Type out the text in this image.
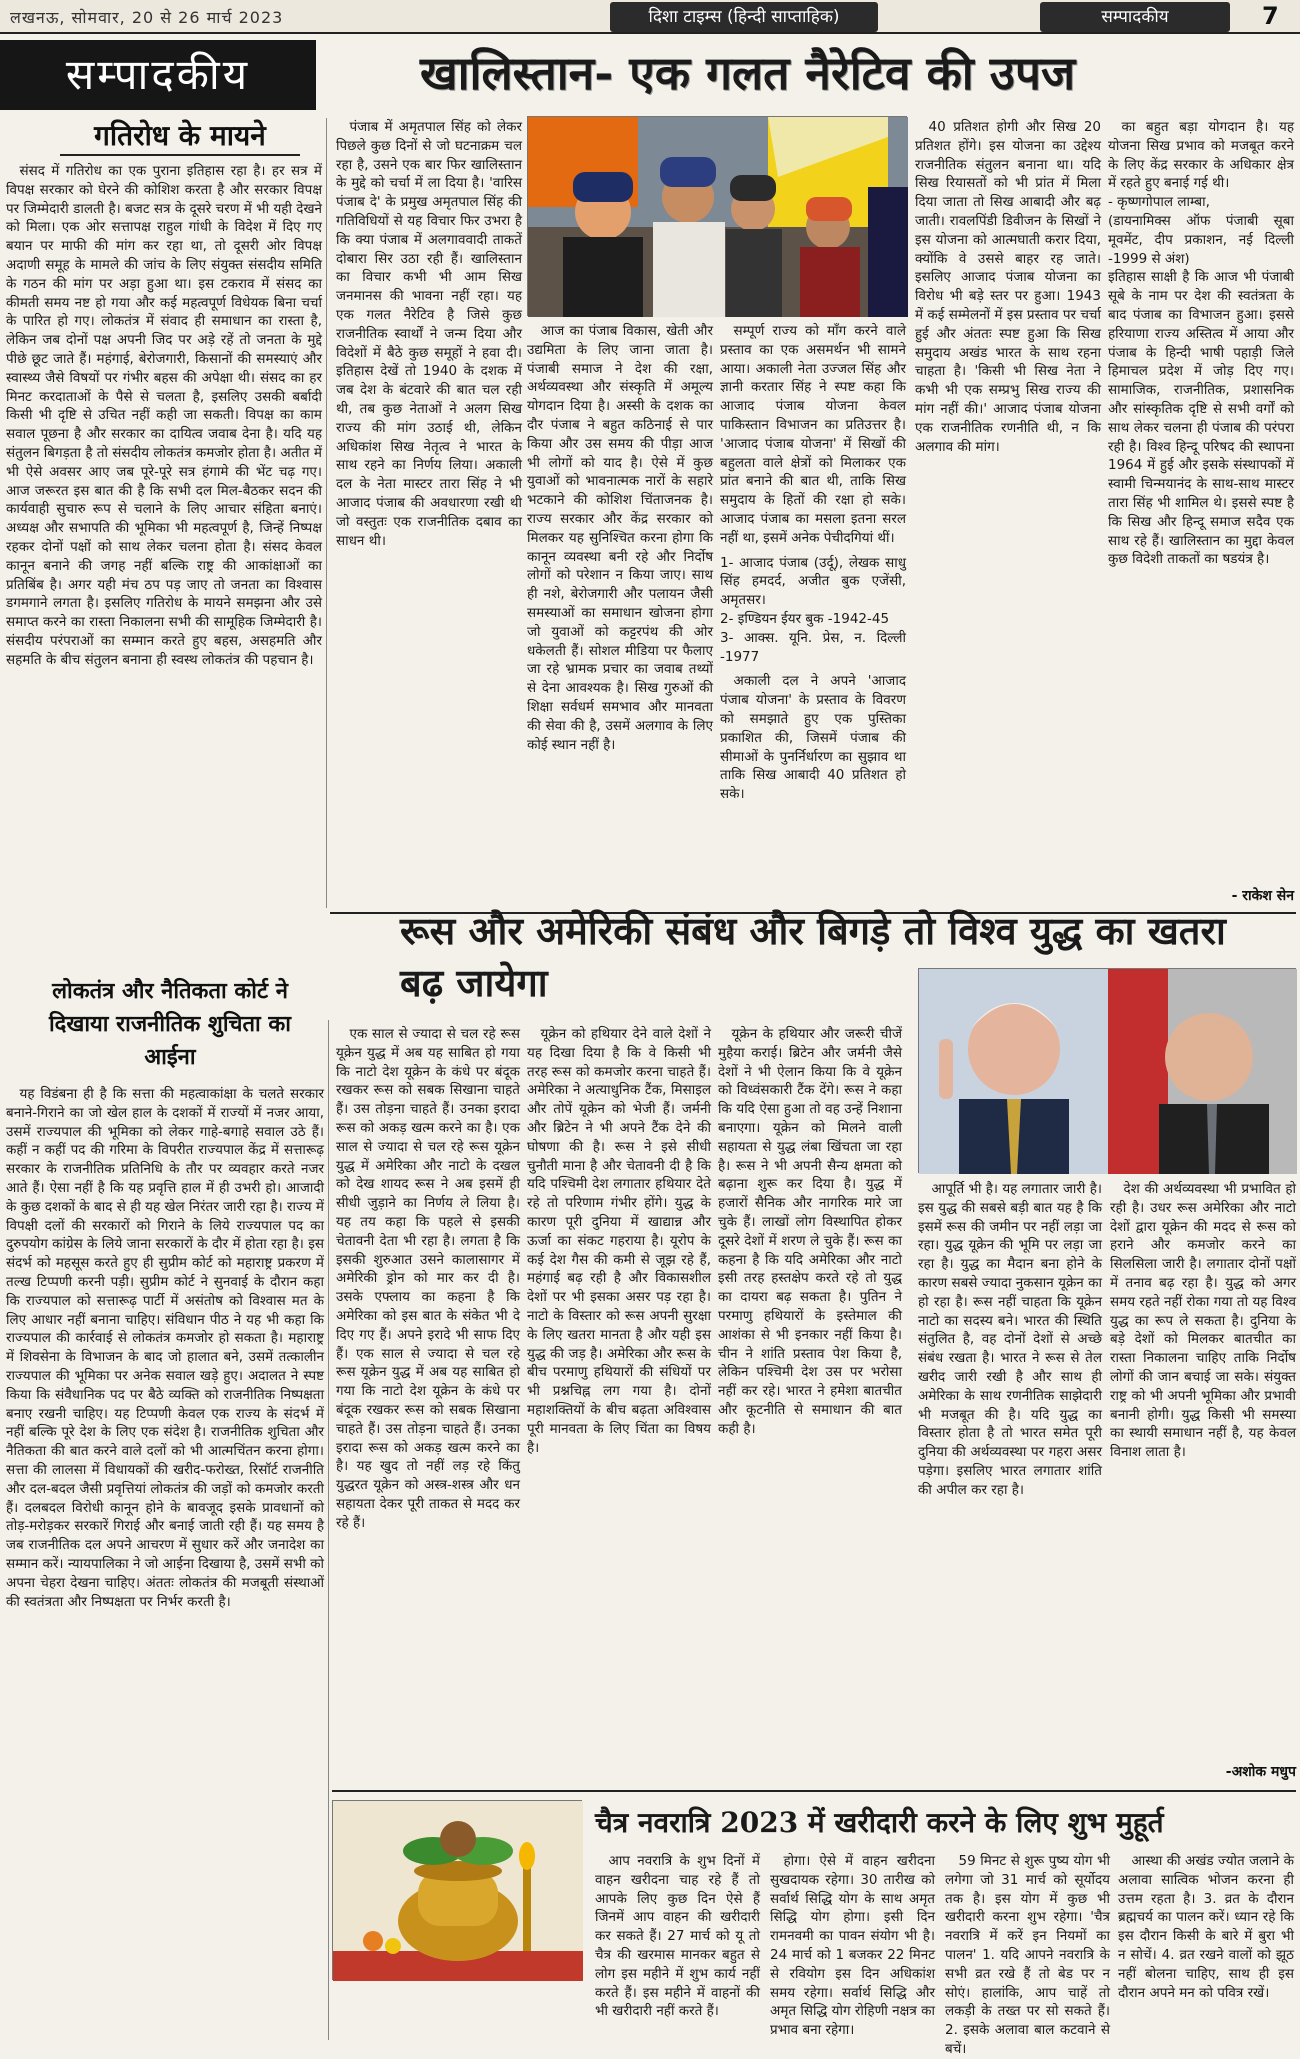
लखनऊ, सोमवार, 20 से 26 मार्च 2023	दिशा टाइम्स (हिन्दी साप्ताहिक)	सम्पादकीय	7
सम्पादकीय	खालिस्तान- एक गलत नैरेटिव की उपज
गतिरोध के मायने

संसद में गतिरोध का एक पुराना इतिहास रहा है। हर सत्र में विपक्ष सरकार को घेरने की कोशिश करता है और सरकार विपक्ष पर जिम्मेदारी डालती है। बजट सत्र के दूसरे चरण में भी यही देखने को मिला। एक ओर सत्तापक्ष राहुल गांधी के विदेश में दिए गए बयान पर माफी की मांग कर रहा था, तो दूसरी ओर विपक्ष अदाणी समूह के मामले की जांच के लिए संयुक्त संसदीय समिति के गठन की मांग पर अड़ा हुआ था। इस टकराव में संसद का कीमती समय नष्ट हो गया और कई महत्वपूर्ण विधेयक बिना चर्चा के पारित हो गए। लोकतंत्र में संवाद ही समाधान का रास्ता है, लेकिन जब दोनों पक्ष अपनी जिद पर अड़े रहें तो जनता के मुद्दे पीछे छूट जाते हैं। महंगाई, बेरोजगारी, किसानों की समस्याएं और स्वास्थ्य जैसे विषयों पर गंभीर बहस की अपेक्षा थी। संसद का हर मिनट करदाताओं के पैसे से चलता है, इसलिए उसकी बर्बादी किसी भी दृष्टि से उचित नहीं कही जा सकती। विपक्ष का काम सवाल पूछना है और सरकार का दायित्व जवाब देना है। यदि यह संतुलन बिगड़ता है तो संसदीय लोकतंत्र कमजोर होता है। अतीत में भी ऐसे अवसर आए जब पूरे-पूरे सत्र हंगामे की भेंट चढ़ गए। आज जरूरत इस बात की है कि सभी दल मिल-बैठकर सदन की कार्यवाही सुचारु रूप से चलाने के लिए आचार संहिता बनाएं। अध्यक्ष और सभापति की भूमिका भी महत्वपूर्ण है, जिन्हें निष्पक्ष रहकर दोनों पक्षों को साथ लेकर चलना होता है। संसद केवल कानून बनाने की जगह नहीं बल्कि राष्ट्र की आकांक्षाओं का प्रतिबिंब है। अगर यही मंच ठप पड़ जाए तो जनता का विश्वास डगमगाने लगता है। इसलिए गतिरोध के मायने समझना और उसे समाप्त करने का रास्ता निकालना सभी की सामूहिक जिम्मेदारी है। संसदीय परंपराओं का सम्मान करते हुए बहस, असहमति और सहमति के बीच संतुलन बनाना ही स्वस्थ लोकतंत्र की पहचान है।

पंजाब में अमृतपाल सिंह को लेकर पिछले कुछ दिनों से जो घटनाक्रम चल रहा है, उसने एक बार फिर खालिस्तान के मुद्दे को चर्चा में ला दिया है। 'वारिस पंजाब दे' के प्रमुख अमृतपाल सिंह की गतिविधियों से यह विचार फिर उभरा है कि क्या पंजाब में अलगाववादी ताकतें दोबारा सिर उठा रही हैं। खालिस्तान का विचार कभी भी आम सिख जनमानस की भावना नहीं रहा। यह एक गलत नैरेटिव है जिसे कुछ राजनीतिक स्वार्थों ने जन्म दिया और विदेशों में बैठे कुछ समूहों ने हवा दी। इतिहास देखें तो 1940 के दशक में जब देश के बंटवारे की बात चल रही थी, तब कुछ नेताओं ने अलग सिख राज्य की मांग उठाई थी, लेकिन अधिकांश सिख नेतृत्व ने भारत के साथ रहने का निर्णय लिया। अकाली दल के नेता मास्टर तारा सिंह ने भी आजाद पंजाब की अवधारणा रखी थी जो वस्तुतः एक राजनीतिक दबाव का साधन थी।

आज का पंजाब विकास, खेती और उद्यमिता के लिए जाना जाता है। पंजाबी समाज ने देश की रक्षा, अर्थव्यवस्था और संस्कृति में अमूल्य योगदान दिया है। अस्सी के दशक का दौर पंजाब ने बहुत कठिनाई से पार किया और उस समय की पीड़ा आज भी लोगों को याद है। ऐसे में कुछ युवाओं को भावनात्मक नारों के सहारे भटकाने की कोशिश चिंताजनक है। राज्य सरकार और केंद्र सरकार को मिलकर यह सुनिश्चित करना होगा कि कानून व्यवस्था बनी रहे और निर्दोष लोगों को परेशान न किया जाए। साथ ही नशे, बेरोजगारी और पलायन जैसी समस्याओं का समाधान खोजना होगा जो युवाओं को कट्टरपंथ की ओर धकेलती हैं। सोशल मीडिया पर फैलाए जा रहे भ्रामक प्रचार का जवाब तथ्यों से देना आवश्यक है। सिख गुरुओं की शिक्षा सर्वधर्म समभाव और मानवता की सेवा की है, उसमें अलगाव के लिए कोई स्थान नहीं है।

सम्पूर्ण राज्य को माँग करने वाले प्रस्ताव का एक असमर्थन भी सामने आया। अकाली नेता उज्जल सिंह और ज्ञानी करतार सिंह ने स्पष्ट कहा कि आजाद पंजाब योजना केवल पाकिस्तान विभाजन का प्रतिउत्तर है। 'आजाद पंजाब योजना' में सिखों की बहुलता वाले क्षेत्रों को मिलाकर एक प्रांत बनाने की बात थी, ताकि सिख समुदाय के हितों की रक्षा हो सके। आजाद पंजाब का मसला इतना सरल नहीं था, इसमें अनेक पेचीदगियां थीं।

1- आजाद पंजाब (उर्दू), लेखक साधु सिंह हमदर्द, अजीत बुक एजेंसी, अमृतसर।
2- इण्डियन ईयर बुक -1942-45
3- आक्स. यूनि. प्रेस, न. दिल्ली -1977

अकाली दल ने अपने 'आजाद पंजाब योजना' के प्रस्ताव के विवरण को समझाते हुए एक पुस्तिका प्रकाशित की, जिसमें पंजाब की सीमाओं के पुनर्निर्धारण का सुझाव था ताकि सिख आबादी 40 प्रतिशत हो सके।

40 प्रतिशत होगी और सिख 20 प्रतिशत होंगे। इस योजना का उद्देश्य राजनीतिक संतुलन बनाना था। यदि सिख रियासतों को भी प्रांत में मिला दिया जाता तो सिख आबादी और बढ़ जाती। रावलपिंडी डिवीजन के सिखों ने इस योजना को आत्मघाती करार दिया, क्योंकि वे उससे बाहर रह जाते। इसलिए आजाद पंजाब योजना का विरोध भी बड़े स्तर पर हुआ। 1943 में कई सम्मेलनों में इस प्रस्ताव पर चर्चा हुई और अंततः स्पष्ट हुआ कि सिख समुदाय अखंड भारत के साथ रहना चाहता है। 'किसी भी सिख नेता ने कभी भी एक सम्प्रभु सिख राज्य की मांग नहीं की।' आजाद पंजाब योजना एक राजनीतिक रणनीति थी, न कि अलगाव की मांग।

का बहुत बड़ा योगदान है। यह योजना सिख प्रभाव को मजबूत करने के लिए केंद्र सरकार के अधिकार क्षेत्र में रहते हुए बनाई गई थी।
- कृष्णगोपाल लाम्बा,
(डायनामिक्स ऑफ पंजाबी सूबा मूवमेंट, दीप प्रकाशन, नई दिल्ली -1999 से अंश)
इतिहास साक्षी है कि आज भी पंजाबी सूबे के नाम पर देश की स्वतंत्रता के बाद पंजाब का विभाजन हुआ। इससे हरियाणा राज्य अस्तित्व में आया और पंजाब के हिन्दी भाषी पहाड़ी जिले हिमाचल प्रदेश में जोड़ दिए गए। सामाजिक, राजनीतिक, प्रशासनिक और सांस्कृतिक दृष्टि से सभी वर्गों को साथ लेकर चलना ही पंजाब की परंपरा रही है। विश्व हिन्दू परिषद की स्थापना 1964 में हुई और इसके संस्थापकों में स्वामी चिन्मयानंद के साथ-साथ मास्टर तारा सिंह भी शामिल थे। इससे स्पष्ट है कि सिख और हिन्दू समाज सदैव एक साथ रहे हैं। खालिस्तान का मुद्दा केवल कुछ विदेशी ताकतों का षडयंत्र है।

- राकेश सेन
रूस और अमेरिकी संबंध और बिगड़े तो विश्व युद्ध का खतरा बढ़ जायेगा
लोकतंत्र और नैतिकता कोर्ट ने दिखाया राजनीतिक शुचिता का आईना

यह विडंबना ही है कि सत्ता की महत्वाकांक्षा के चलते सरकार बनाने-गिराने का जो खेल हाल के दशकों में राज्यों में नजर आया, उसमें राज्यपाल की भूमिका को लेकर गाहे-बगाहे सवाल उठे हैं। कहीं न कहीं पद की गरिमा के विपरीत राज्यपाल केंद्र में सत्तारूढ़ सरकार के राजनीतिक प्रतिनिधि के तौर पर व्यवहार करते नजर आते हैं। ऐसा नहीं है कि यह प्रवृत्ति हाल में ही उभरी हो। आजादी के कुछ दशकों के बाद से ही यह खेल निरंतर जारी रहा है। राज्य में विपक्षी दलों की सरकारों को गिराने के लिये राज्यपाल पद का दुरुपयोग कांग्रेस के लिये जाना सरकारों के दौर में होता रहा है। इस संदर्भ को महसूस करते हुए ही सुप्रीम कोर्ट को महाराष्ट्र प्रकरण में तल्ख टिप्पणी करनी पड़ी। सुप्रीम कोर्ट ने सुनवाई के दौरान कहा कि राज्यपाल को सत्तारूढ़ पार्टी में असंतोष को विश्वास मत के लिए आधार नहीं बनाना चाहिए। संविधान पीठ ने यह भी कहा कि राज्यपाल की कार्रवाई से लोकतंत्र कमजोर हो सकता है। महाराष्ट्र में शिवसेना के विभाजन के बाद जो हालात बने, उसमें तत्कालीन राज्यपाल की भूमिका पर अनेक सवाल खड़े हुए। अदालत ने स्पष्ट किया कि संवैधानिक पद पर बैठे व्यक्ति को राजनीतिक निष्पक्षता बनाए रखनी चाहिए। यह टिप्पणी केवल एक राज्य के संदर्भ में नहीं बल्कि पूरे देश के लिए एक संदेश है। राजनीतिक शुचिता और नैतिकता की बात करने वाले दलों को भी आत्मचिंतन करना होगा। सत्ता की लालसा में विधायकों की खरीद-फरोख्त, रिसॉर्ट राजनीति और दल-बदल जैसी प्रवृत्तियां लोकतंत्र की जड़ों को कमजोर करती हैं। दलबदल विरोधी कानून होने के बावजूद इसके प्रावधानों को तोड़-मरोड़कर सरकारें गिराई और बनाई जाती रही हैं। यह समय है जब राजनीतिक दल अपने आचरण में सुधार करें और जनादेश का सम्मान करें। न्यायपालिका ने जो आईना दिखाया है, उसमें सभी को अपना चेहरा देखना चाहिए। अंततः लोकतंत्र की मजबूती संस्थाओं की स्वतंत्रता और निष्पक्षता पर निर्भर करती है।

एक साल से ज्यादा से चल रहे रूस यूक्रेन युद्ध में अब यह साबित हो गया कि नाटो देश यूक्रेन के कंधे पर बंदूक रखकर रूस को सबक सिखाना चाहते हैं। उस तोड़ना चाहते हैं। उनका इरादा रूस को अकड़ खत्म करने का है। एक साल से ज्यादा से चल रहे रूस यूक्रेन युद्ध में अमेरिका और नाटो के दखल को देख शायद रूस ने अब इसमें ही सीधी जुड़ाने का निर्णय ले लिया है। यह तय कहा कि पहले से इसकी चेतावनी देता भी रहा है। लगता है कि इसकी शुरुआत उसने कालासागर में अमेरिकी ड्रोन को मार कर दी है। उसके एफ्लाय का कहना है कि अमेरिका को इस बात के संकेत भी दे दिए गए हैं। अपने इरादे भी साफ दिए हैं। एक साल से ज्यादा से चल रहे रूस यूक्रेन युद्ध में अब यह साबित हो गया कि नाटो देश यूक्रेन के कंधे पर बंदूक रखकर रूस को सबक सिखाना चाहते हैं। उस तोड़ना चाहते हैं। उनका इरादा रूस को अकड़ खत्म करने का है। यह खुद तो नहीं लड़ रहे किंतु युद्धरत यूक्रेन को अस्त्र-शस्त्र और धन सहायता देकर पूरी ताकत से मदद कर रहे हैं।

यूक्रेन को हथियार देने वाले देशों ने यह दिखा दिया है कि वे किसी भी तरह रूस को कमजोर करना चाहते हैं। अमेरिका ने अत्याधुनिक टैंक, मिसाइल और तोपें यूक्रेन को भेजी हैं। जर्मनी और ब्रिटेन ने भी अपने टैंक देने की घोषणा की है। रूस ने इसे सीधी चुनौती माना है और चेतावनी दी है कि यदि पश्चिमी देश लगातार हथियार देते रहे तो परिणाम गंभीर होंगे। युद्ध के कारण पूरी दुनिया में खाद्यान्न और ऊर्जा का संकट गहराया है। यूरोप के कई देश गैस की कमी से जूझ रहे हैं, महंगाई बढ़ रही है और विकासशील देशों पर भी इसका असर पड़ रहा है। नाटो के विस्तार को रूस अपनी सुरक्षा के लिए खतरा मानता है और यही इस युद्ध की जड़ है। अमेरिका और रूस के बीच परमाणु हथियारों की संधियों पर भी प्रश्नचिह्न लग गया है। दोनों महाशक्तियों के बीच बढ़ता अविश्वास पूरी मानवता के लिए चिंता का विषय है।

यूक्रेन के हथियार और जरूरी चीजें मुहैया कराई। ब्रिटेन और जर्मनी जैसे देशों ने भी ऐलान किया कि वे यूक्रेन को विध्वंसकारी टैंक देंगे। रूस ने कहा कि यदि ऐसा हुआ तो वह उन्हें निशाना बनाएगा। यूक्रेन को मिलने वाली सहायता से युद्ध लंबा खिंचता जा रहा है। रूस ने भी अपनी सैन्य क्षमता को बढ़ाना शुरू कर दिया है। युद्ध में हजारों सैनिक और नागरिक मारे जा चुके हैं। लाखों लोग विस्थापित होकर दूसरे देशों में शरण ले चुके हैं। रूस का कहना है कि यदि अमेरिका और नाटो इसी तरह हस्तक्षेप करते रहे तो युद्ध का दायरा बढ़ सकता है। पुतिन ने परमाणु हथियारों के इस्तेमाल की आशंका से भी इनकार नहीं किया है। चीन ने शांति प्रस्ताव पेश किया है, लेकिन पश्चिमी देश उस पर भरोसा नहीं कर रहे। भारत ने हमेशा बातचीत और कूटनीति से समाधान की बात कही है।

आपूर्ति भी है। यह लगातार जारी है। इस युद्ध की सबसे बड़ी बात यह है कि इसमें रूस की जमीन पर नहीं लड़ा जा रहा। युद्ध यूक्रेन की भूमि पर लड़ा जा रहा है। युद्ध का मैदान बना होने के कारण सबसे ज्यादा नुकसान यूक्रेन का हो रहा है। रूस नहीं चाहता कि यूक्रेन नाटो का सदस्य बने। भारत की स्थिति संतुलित है, वह दोनों देशों से अच्छे संबंध रखता है। भारत ने रूस से तेल खरीद जारी रखी है और साथ ही अमेरिका के साथ रणनीतिक साझेदारी भी मजबूत की है। यदि युद्ध का विस्तार होता है तो भारत समेत पूरी दुनिया की अर्थव्यवस्था पर गहरा असर पड़ेगा। इसलिए भारत लगातार शांति की अपील कर रहा है।

देश की अर्थव्यवस्था भी प्रभावित हो रही है। उधर रूस अमेरिका और नाटो देशों द्वारा यूक्रेन की मदद से रूस को हराने और कमजोर करने का सिलसिला जारी है। लगातार दोनों पक्षों में तनाव बढ़ रहा है। युद्ध को अगर समय रहते नहीं रोका गया तो यह विश्व युद्ध का रूप ले सकता है। दुनिया के बड़े देशों को मिलकर बातचीत का रास्ता निकालना चाहिए ताकि निर्दोष लोगों की जान बचाई जा सके। संयुक्त राष्ट्र को भी अपनी भूमिका और प्रभावी बनानी होगी। युद्ध किसी भी समस्या का स्थायी समाधान नहीं है, यह केवल विनाश लाता है।

-अशोक मधुप
चैत्र नवरात्रि 2023 में खरीदारी करने के लिए शुभ मुहूर्त

आप नवरात्रि के शुभ दिनों में वाहन खरीदना चाह रहे हैं तो आपके लिए कुछ दिन ऐसे हैं जिनमें आप वाहन की खरीदारी कर सकते हैं। 27 मार्च को यू तो चैत्र की खरमास मानकर बहुत से लोग इस महीने में शुभ कार्य नहीं करते हैं। इस महीने में वाहनों की भी खरीदारी नहीं करते हैं।

होगा। ऐसे में वाहन खरीदना सुखदायक रहेगा। 30 तारीख को सर्वार्थ सिद्धि योग के साथ अमृत सिद्धि योग होगा। इसी दिन रामनवमी का पावन संयोग भी है। 24 मार्च को 1 बजकर 22 मिनट से रवियोग इस दिन अधिकांश समय रहेगा। सर्वार्थ सिद्धि और अमृत सिद्धि योग रोहिणी नक्षत्र का प्रभाव बना रहेगा।

59 मिनट से शुरू पुष्य योग भी लगेगा जो 31 मार्च को सूर्योदय तक है। इस योग में कुछ भी खरीदारी करना शुभ रहेगा। 'चैत्र नवरात्रि में करें इन नियमों का पालन' 1. यदि आपने नवरात्रि के सभी व्रत रखे हैं तो बेड पर न सोएं। हालांकि, आप चाहें तो लकड़ी के तख्त पर सो सकते हैं। 2. इसके अलावा बाल कटवाने से बचें।

आस्था की अखंड ज्योत जलाने के अलावा सात्विक भोजन करना ही उत्तम रहता है। 3. व्रत के दौरान ब्रह्मचर्य का पालन करें। ध्यान रहे कि इस दौरान किसी के बारे में बुरा भी न सोचें। 4. व्रत रखने वालों को झूठ नहीं बोलना चाहिए, साथ ही इस दौरान अपने मन को पवित्र रखें।
